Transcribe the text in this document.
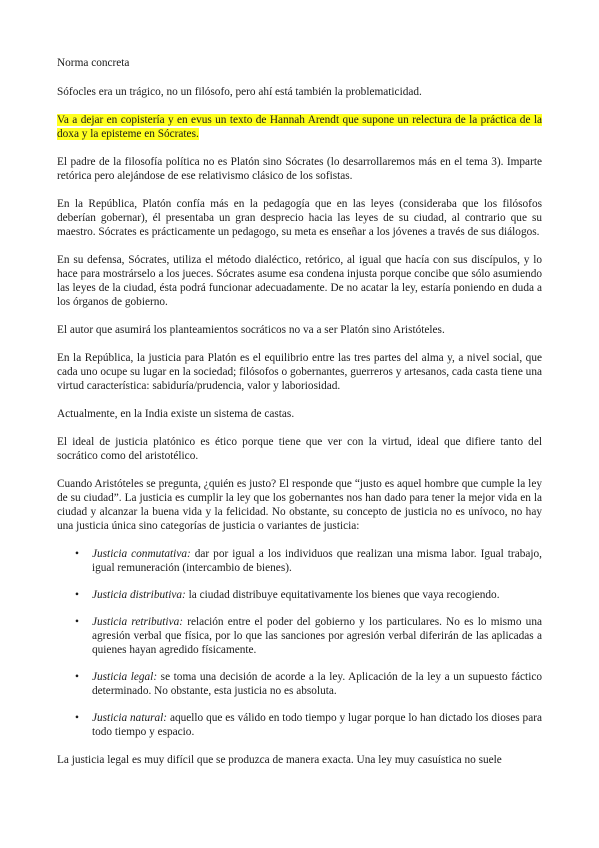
Norma concreta

Sófocles era un trágico, no un filósofo, pero ahí está también la problematicidad.

Va a dejar en copistería y en evus un texto de Hannah Arendt que supone un relectura de la práctica de la doxa y la episteme en Sócrates.

El padre de la filosofía política no es Platón sino Sócrates (lo desarrollaremos más en el tema 3). Imparte retórica pero alejándose de ese relativismo clásico de los sofistas.

En la República, Platón confía más en la pedagogía que en las leyes (consideraba que los filósofos deberían gobernar), él presentaba un gran desprecio hacia las leyes de su ciudad, al contrario que su maestro. Sócrates es prácticamente un pedagogo, su meta es enseñar a los jóvenes a través de sus diálogos.

En su defensa, Sócrates, utiliza el método dialéctico, retórico, al igual que hacía con sus discípulos, y lo hace para mostrárselo a los jueces. Sócrates asume esa condena injusta porque concibe que sólo asumiendo las leyes de la ciudad, ésta podrá funcionar adecuadamente. De no acatar la ley, estaría poniendo en duda a los órganos de gobierno.

El autor que asumirá los planteamientos socráticos no va a ser Platón sino Aristóteles.

En la República, la justicia para Platón es el equilibrio entre las tres partes del alma y, a nivel social, que cada uno ocupe su lugar en la sociedad; filósofos o gobernantes, guerreros y artesanos, cada casta tiene una virtud característica: sabiduría/prudencia, valor y laboriosidad.

Actualmente, en la India existe un sistema de castas.

El ideal de justicia platónico es ético porque tiene que ver con la virtud, ideal que difiere tanto del socrático como del aristotélico.

Cuando Aristóteles se pregunta, ¿quién es justo? El responde que “justo es aquel hombre que cumple la ley de su ciudad”. La justicia es cumplir la ley que los gobernantes nos han dado para tener la mejor vida en la ciudad y alcanzar la buena vida y la felicidad. No obstante, su concepto de justicia no es unívoco, no hay una justicia única sino categorías de justicia o variantes de justicia:

• Justicia conmutativa: dar por igual a los individuos que realizan una misma labor. Igual trabajo, igual remuneración (intercambio de bienes).
• Justicia distributiva: la ciudad distribuye equitativamente los bienes que vaya recogiendo.
• Justicia retributiva: relación entre el poder del gobierno y los particulares. No es lo mismo una agresión verbal que física, por lo que las sanciones por agresión verbal diferirán de las aplicadas a quienes hayan agredido físicamente.
• Justicia legal: se toma una decisión de acorde a la ley. Aplicación de la ley a un supuesto fáctico determinado. No obstante, esta justicia no es absoluta.
• Justicia natural: aquello que es válido en todo tiempo y lugar porque lo han dictado los dioses para todo tiempo y espacio.

La justicia legal es muy difícil que se produzca de manera exacta. Una ley muy casuística no suele
